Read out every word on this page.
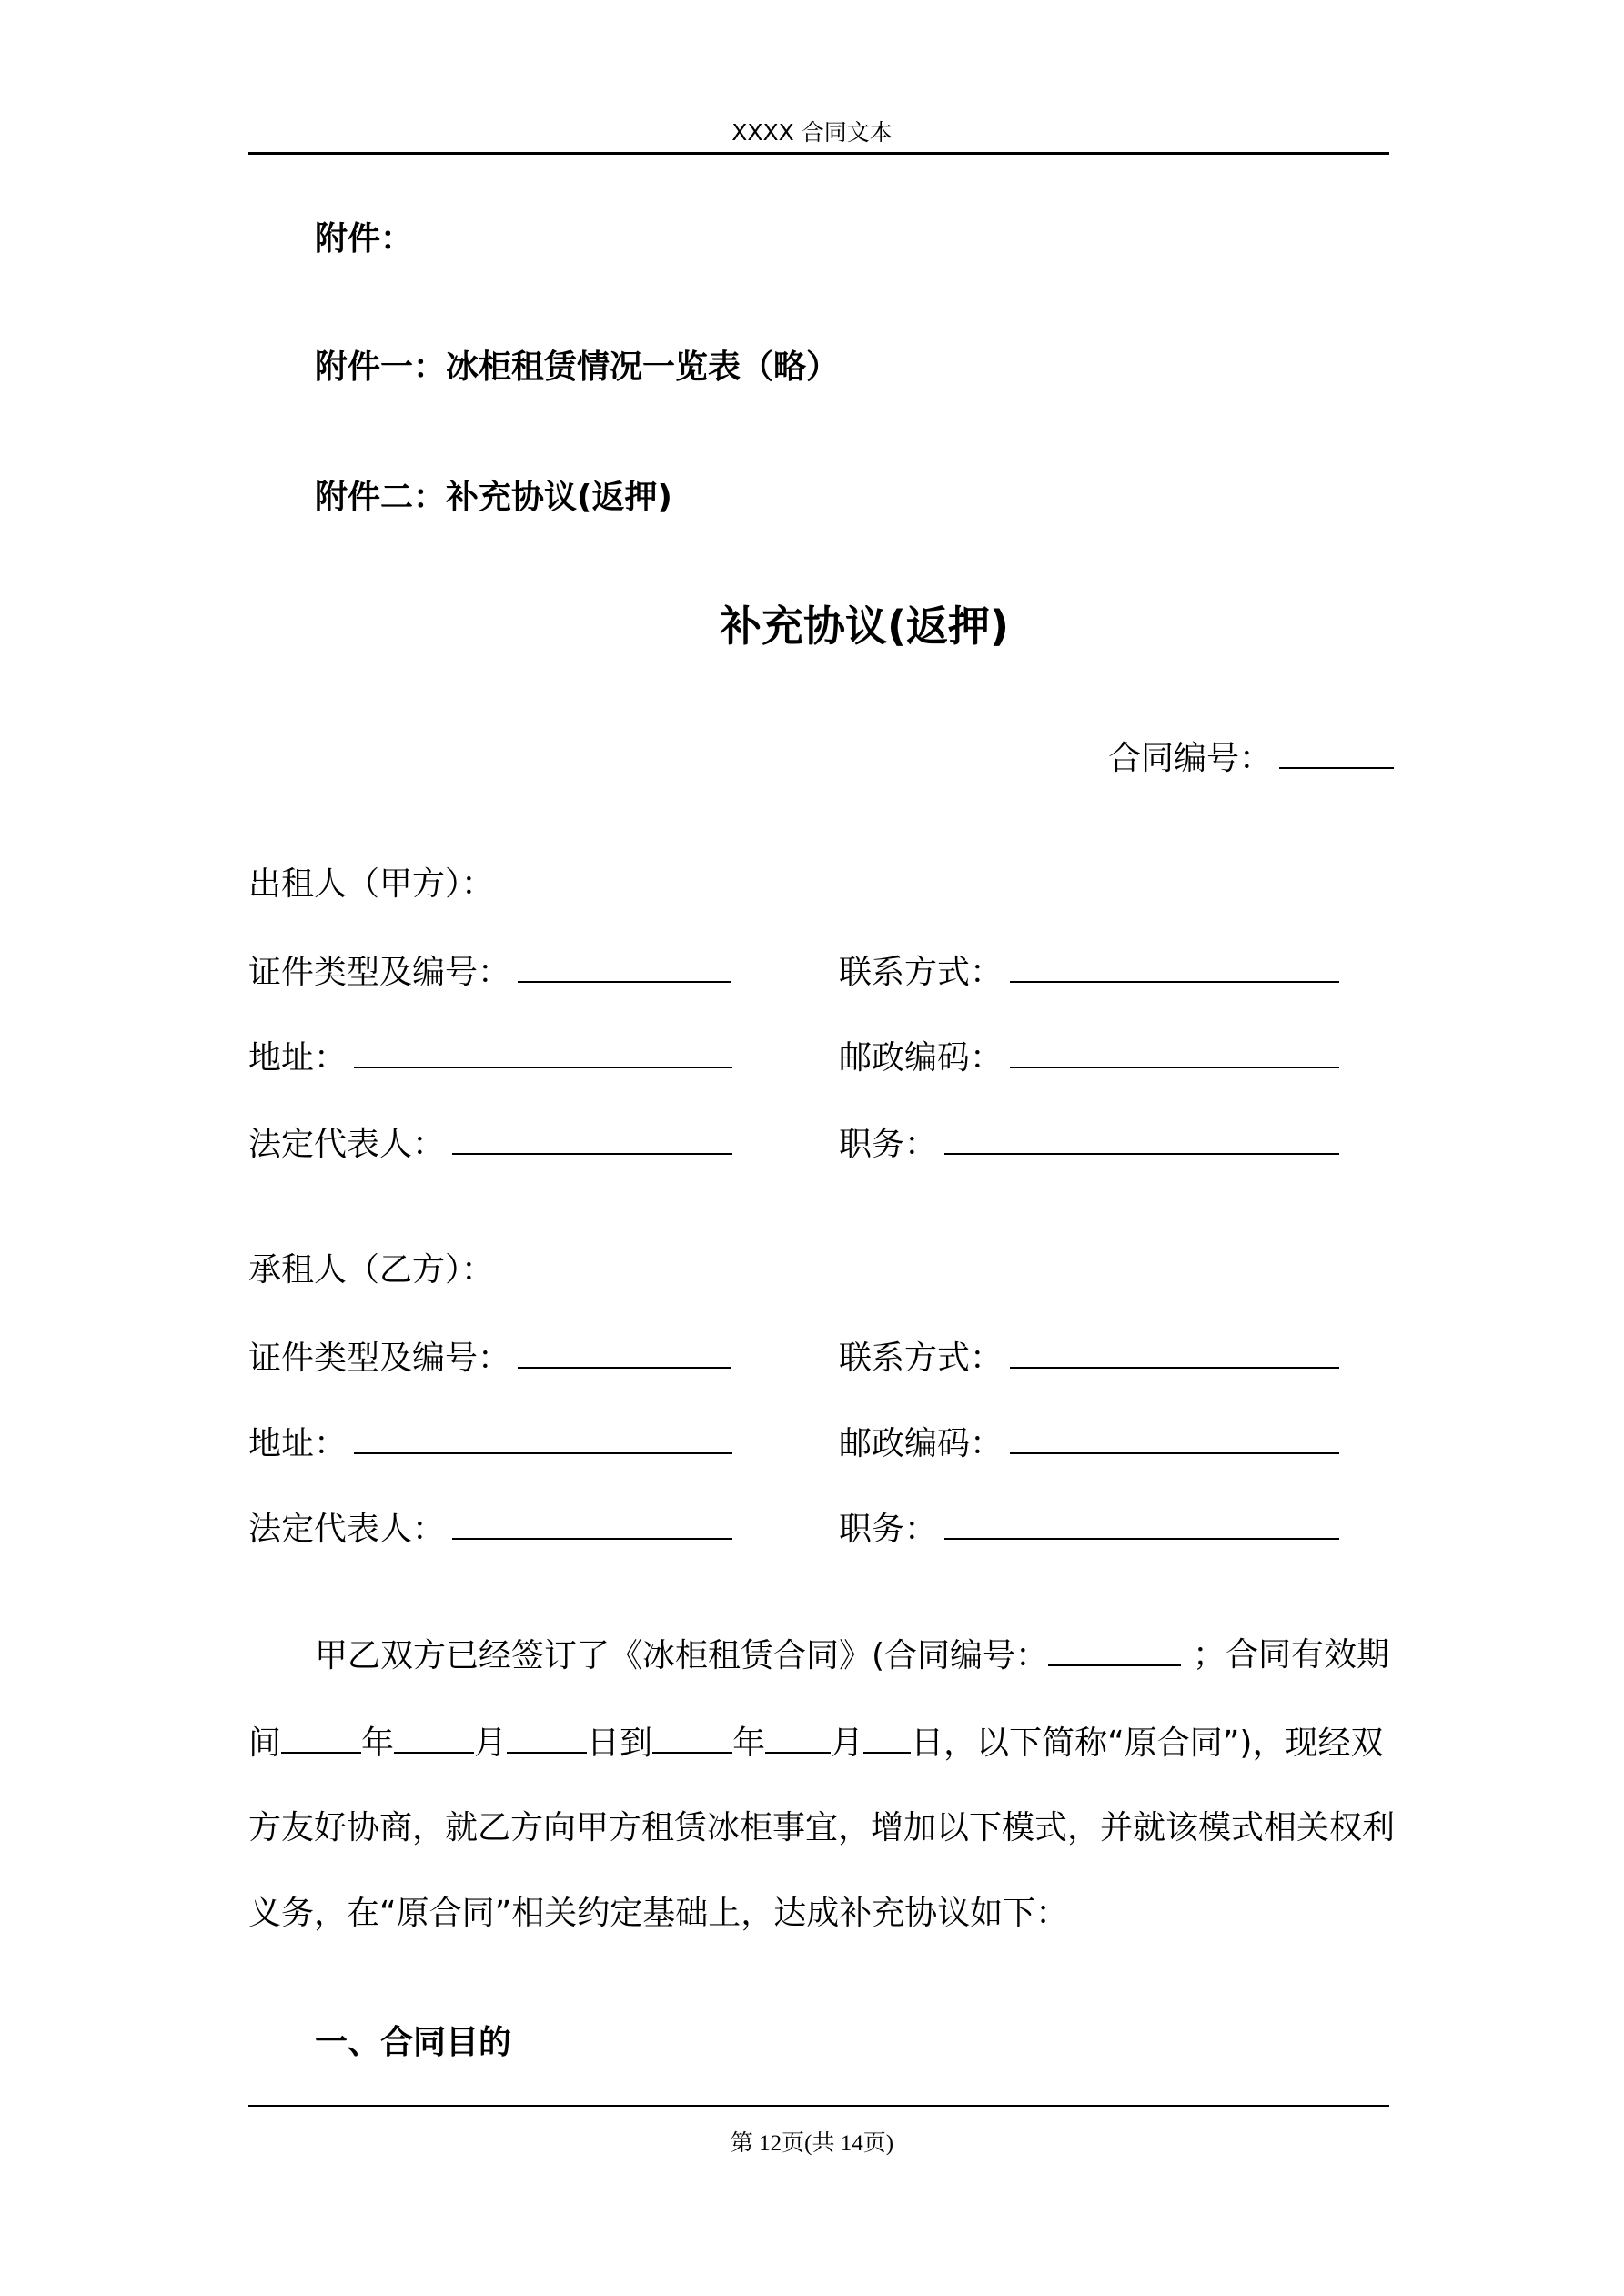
XXXX 合同文本
附件：
附件一：冰柜租赁情况一览表（略）
附件二：补充协议(返押)
补充协议(返押)
合同编号：
出租人（甲方）：
证件类型及编号：	联系方式：
地址：	邮政编码：
法定代表人：	职务：
承租人（乙方）：
证件类型及编号：	联系方式：
地址：	邮政编码：
法定代表人：	职务：
甲乙双方已经签订了《冰柜租赁合同》(合同编号：	；合同有效期
间 年 月 日到 年 月 日，以下简称“原合同”)，现经双
方友好协商，就乙方向甲方租赁冰柜事宜，增加以下模式，并就该模式相关权利
义务，在“原合同”相关约定基础上，达成补充协议如下：
一、合同目的
第 12页(共 14页)
